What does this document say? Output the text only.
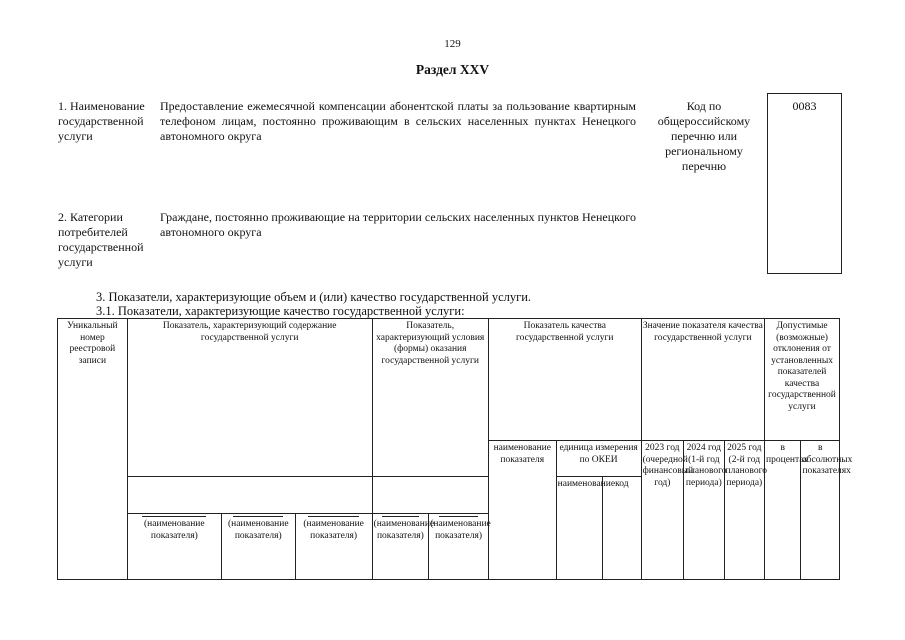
129
Раздел XXV
1. Наименование государственной услуги
Предоставление ежемесячной компенсации абонентской платы за пользование квартирным телефоном лицам, постоянно проживающим в сельских населенных пунктах Ненецкого автономного округа
Код по общероссийскому перечню или региональному перечню
0083
2. Категории потребителей государственной услуги
Граждане, постоянно проживающие на территории сельских населенных пунктов Ненецкого автономного округа
3. Показатели, характеризующие объем и (или) качество государственной услуги.
3.1. Показатели, характеризующие качество государственной услуги:
Уникальный номер реестровой записи	Показатель, характеризующий содержание государственной услуги			Показатель, характеризующий условия (формы) оказания государственной услуги		Показатель качества государственной услуги			Значение показателя качества государственной услуги			Допустимые (возможные) отклонения от установленных показателей качества государственной услуги	
						наименование показателя	единица измерения по ОКЕИ		2023 год (очередной финансовый год)	2024 год (1-й год планового периода)	2025 год (2-й год планового периода)	в процентах	в абсолютных показателях
							наименование	код					

	(наименование показателя)	(наименование показателя)	(наименование показателя)	(наименование показателя)	(наименование показателя)								
